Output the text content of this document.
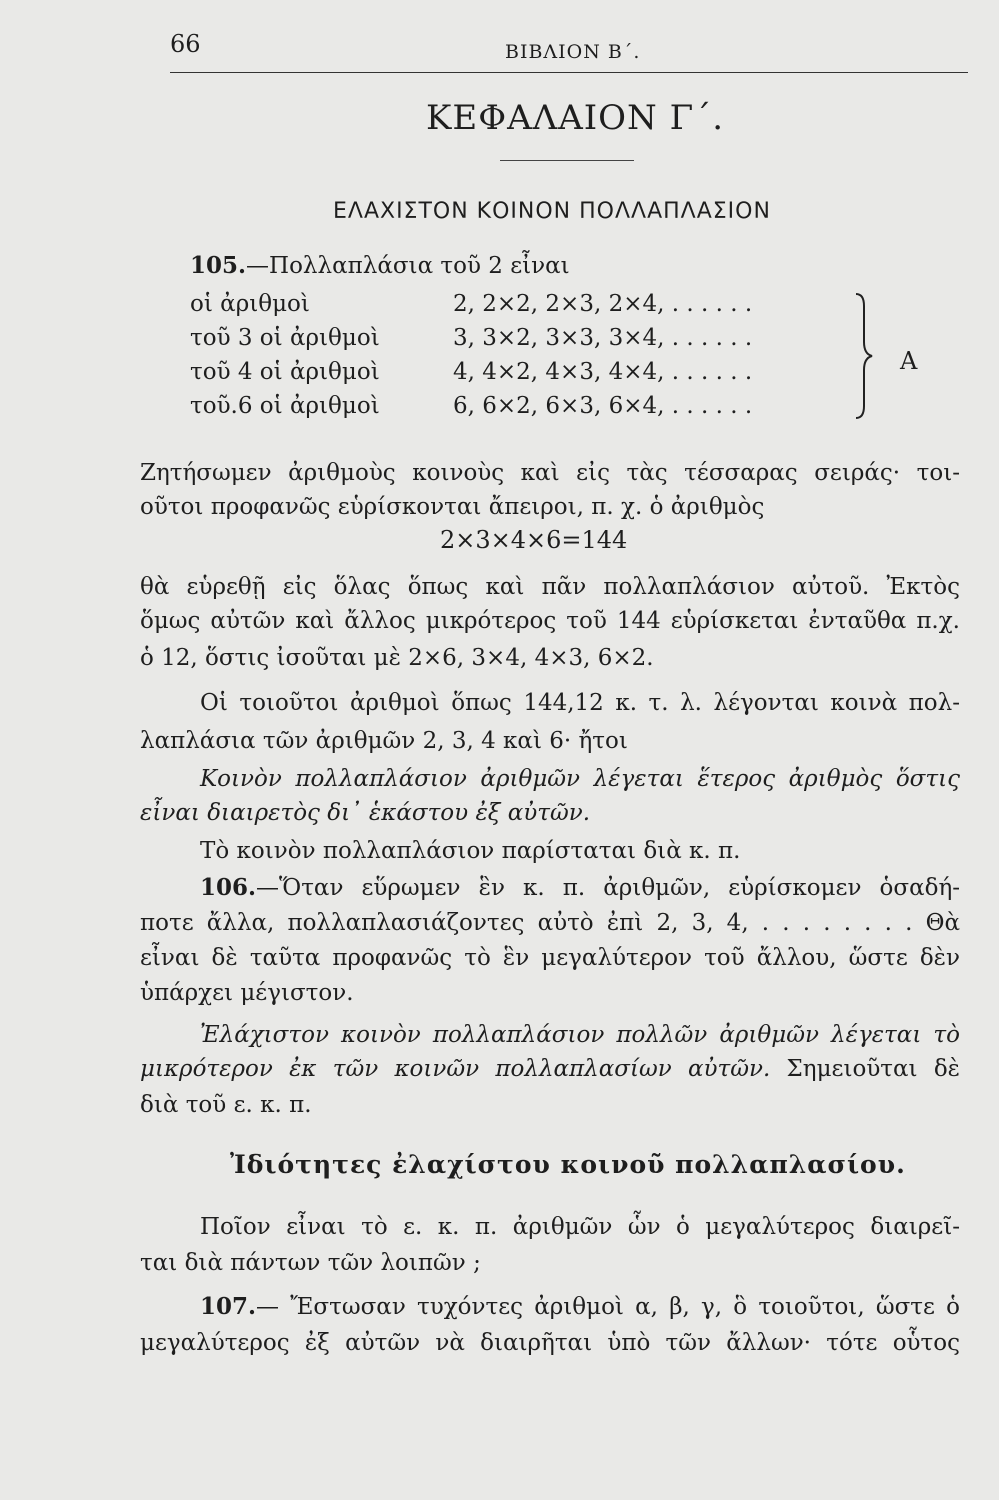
66	ΒΙΒΛΙΟΝ Β΄.
ΚΕΦΑΛΑΙΟΝ Γ΄.
ΕΛΑΧΙΣΤΟΝ ΚΟΙΝΟΝ ΠΟΛΛΑΠΛΑΣΙΟΝ
105.—Πολλαπλάσια τοῦ 2 εἶναι
οἱ ἀριθμοὶ	2, 2×2, 2×3, 2×4, . . . . . .
τοῦ 3 οἱ ἀριθμοὶ	3, 3×2, 3×3, 3×4, . . . . . .
τοῦ 4 οἱ ἀριθμοὶ	4, 4×2, 4×3, 4×4, . . . . . .
τοῦ.6 οἱ ἀριθμοὶ	6, 6×2, 6×3, 6×4, . . . . . .
Α
Ζητήσωμεν ἀριθμοὺς κοινοὺς καὶ εἰς τὰς τέσσαρας σειράς· τοι-
οῦτοι προφανῶς εὑρίσκονται ἄπειροι, π. χ. ὁ ἀριθμὸς
2×3×4×6=144
θὰ εὑρεθῇ εἰς ὅλας ὅπως καὶ πᾶν πολλαπλάσιον αὐτοῦ. Ἐκτὸς
ὅμως αὐτῶν καὶ ἄλλος μικρότερος τοῦ 144 εὑρίσκεται ἐνταῦθα π.χ.
ὁ 12, ὅστις ἰσοῦται μὲ 2×6, 3×4, 4×3, 6×2.
Οἱ τοιοῦτοι ἀριθμοὶ ὅπως 144,12 κ. τ. λ. λέγονται κοινὰ πολ-
λαπλάσια τῶν ἀριθμῶν 2, 3, 4 καὶ 6· ἤτοι
Κοινὸν πολλαπλάσιον ἀριθμῶν λέγεται ἕτερος ἀριθμὸς ὅστις
εἶναι διαιρετὸς δι᾽ ἑκάστου ἐξ αὐτῶν.
Τὸ κοινὸν πολλαπλάσιον παρίσταται διὰ κ. π.
106.—Ὅταν εὕρωμεν ἓν κ. π. ἀριθμῶν, εὑρίσκομεν ὁσαδή-
ποτε ἄλλα, πολλαπλασιάζοντες αὐτὸ ἐπὶ 2, 3, 4, . . . . . . . . Θὰ
εἶναι δὲ ταῦτα προφανῶς τὸ ἓν μεγαλύτερον τοῦ ἄλλου, ὥστε δὲν
ὑπάρχει μέγιστον.
Ἐλάχιστον κοινὸν πολλαπλάσιον πολλῶν ἀριθμῶν λέγεται τὸ
μικρότερον ἐκ τῶν κοινῶν πολλαπλασίων αὐτῶν. Σημειοῦται δὲ
διὰ τοῦ ε. κ. π.
Ἰδιότητες ἐλαχίστου κοινοῦ πολλαπλασίου.
Ποῖον εἶναι τὸ ε. κ. π. ἀριθμῶν ὧν ὁ μεγαλύτερος διαιρεῖ-
ται διὰ πάντων τῶν λοιπῶν ;
107.— Ἔστωσαν τυχόντες ἀριθμοὶ α, β, γ, ὃ τοιοῦτοι, ὥστε ὁ
μεγαλύτερος ἐξ αὐτῶν νὰ διαιρῆται ὑπὸ τῶν ἄλλων· τότε οὗτος
